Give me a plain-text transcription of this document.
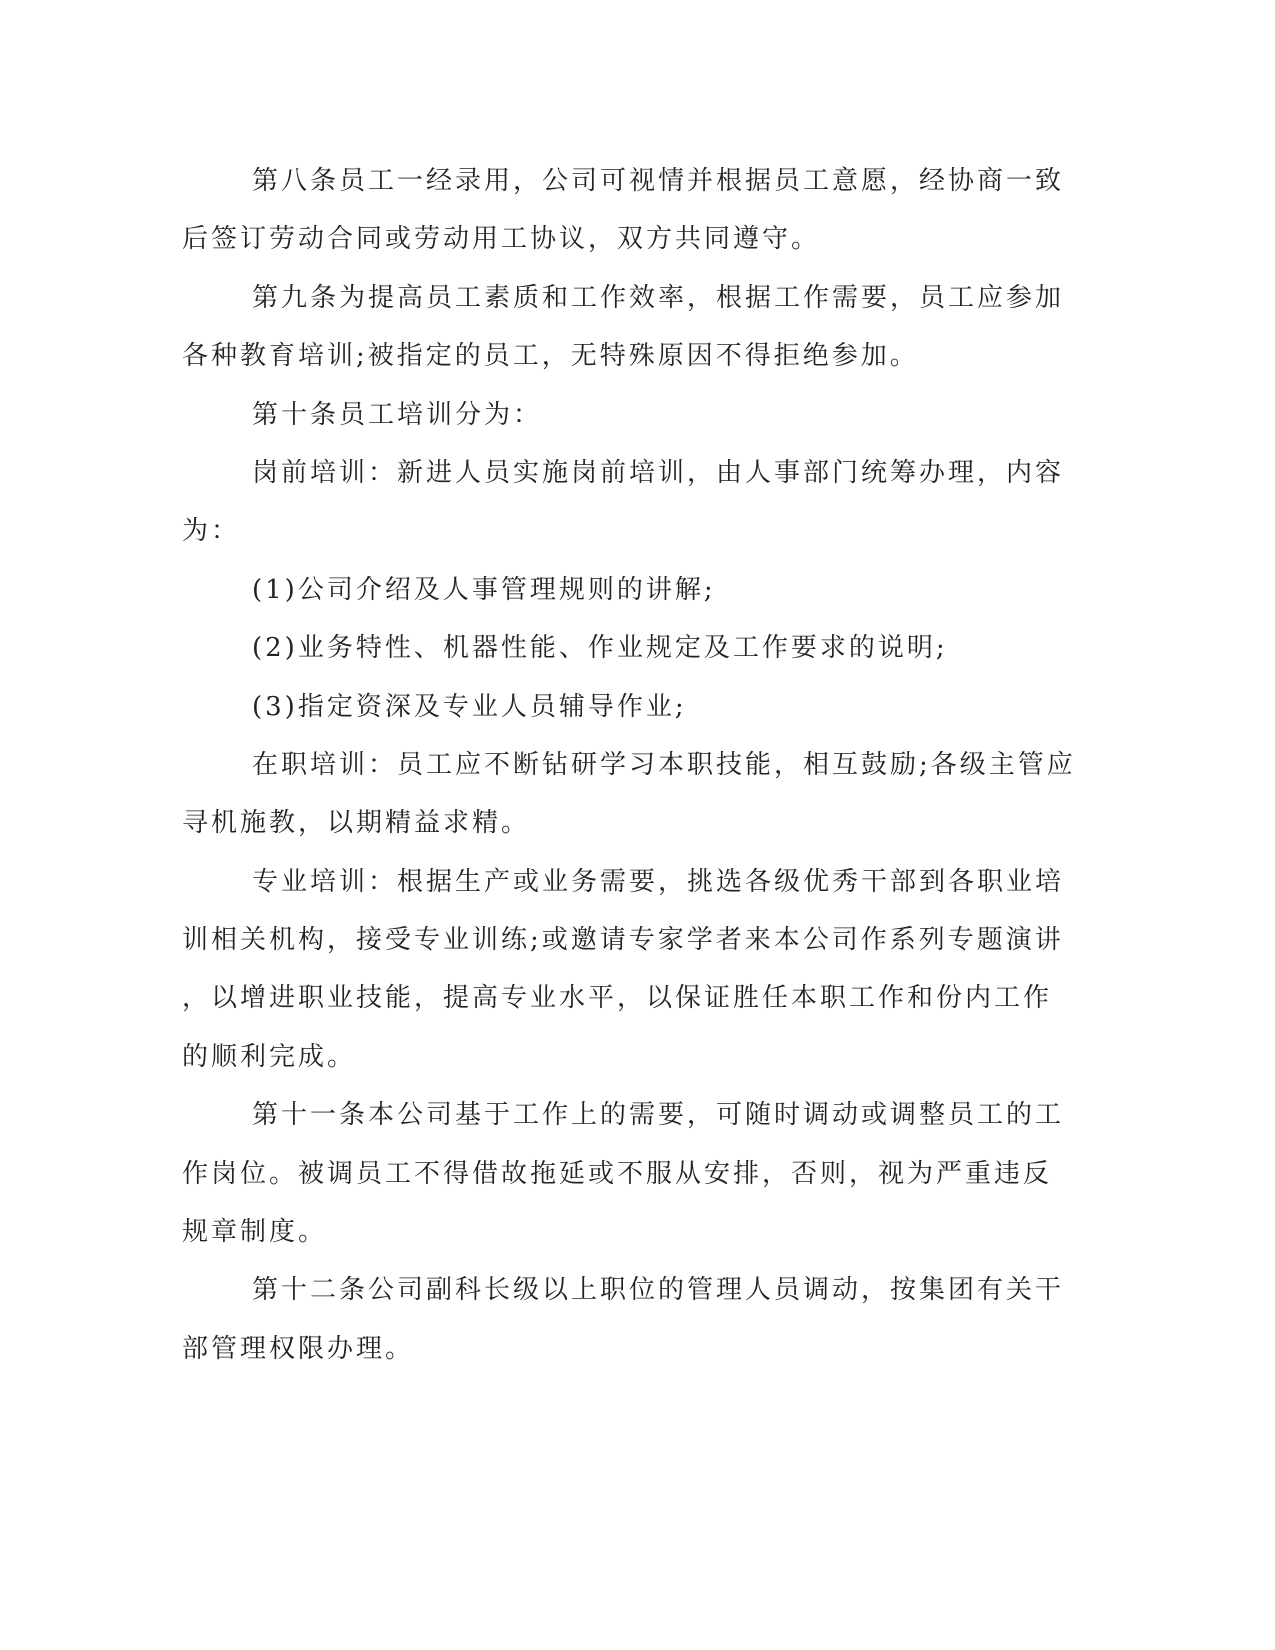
第八条员工一经录用，公司可视情并根据员工意愿，经协商一致
后签订劳动合同或劳动用工协议，双方共同遵守。
第九条为提高员工素质和工作效率，根据工作需要，员工应参加
各种教育培训;被指定的员工，无特殊原因不得拒绝参加。
第十条员工培训分为：
岗前培训：新进人员实施岗前培训，由人事部门统筹办理，内容
为：
(1)公司介绍及人事管理规则的讲解;
(2)业务特性、机器性能、作业规定及工作要求的说明;
(3)指定资深及专业人员辅导作业;
在职培训：员工应不断钻研学习本职技能，相互鼓励;各级主管应
寻机施教，以期精益求精。
专业培训：根据生产或业务需要，挑选各级优秀干部到各职业培
训相关机构，接受专业训练;或邀请专家学者来本公司作系列专题演讲
，以增进职业技能，提高专业水平，以保证胜任本职工作和份内工作
的顺利完成。
第十一条本公司基于工作上的需要，可随时调动或调整员工的工
作岗位。被调员工不得借故拖延或不服从安排，否则，视为严重违反
规章制度。
第十二条公司副科长级以上职位的管理人员调动，按集团有关干
部管理权限办理。
